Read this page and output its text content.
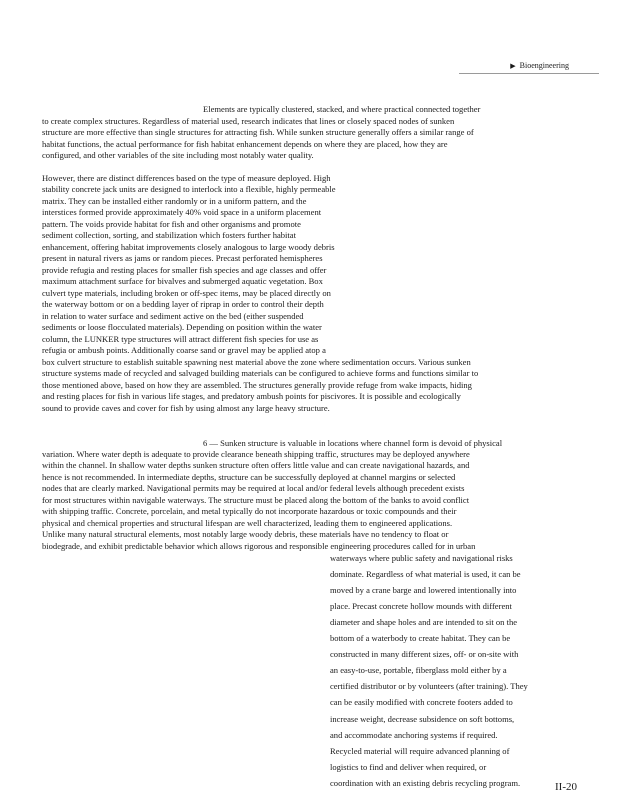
▶ Bioengineering
Elements are typically clustered, stacked, and where practical connected together
to create complex structures. Regardless of material used, research indicates that lines or closely spaced nodes of sunken
structure are more effective than single structures for attracting fish. While sunken structure generally offers a similar range of
habitat functions, the actual performance for fish habitat enhancement depends on where they are placed, how they are
configured, and other variables of the site including most notably water quality.
However, there are distinct differences based on the type of measure deployed. High
stability concrete jack units are designed to interlock into a flexible, highly permeable
matrix. They can be installed either randomly or in a uniform pattern, and the
interstices formed provide approximately 40% void space in a uniform placement
pattern. The voids provide habitat for fish and other organisms and promote
sediment collection, sorting, and stabilization which fosters further habitat
enhancement, offering habitat improvements closely analogous to large woody debris
present in natural rivers as jams or random pieces. Precast perforated hemispheres
provide refugia and resting places for smaller fish species and age classes and offer
maximum attachment surface for bivalves and submerged aquatic vegetation. Box
culvert type materials, including broken or off-spec items, may be placed directly on
the waterway bottom or on a bedding layer of riprap in order to control their depth
in relation to water surface and sediment active on the bed (either suspended
sediments or loose flocculated materials). Depending on position within the water
column, the LUNKER type structures will attract different fish species for use as
refugia or ambush points. Additionally coarse sand or gravel may be applied atop a
box culvert structure to establish suitable spawning nest material above the zone where sedimentation occurs. Various sunken
structure systems made of recycled and salvaged building materials can be configured to achieve forms and functions similar to
those mentioned above, based on how they are assembled. The structures generally provide refuge from wake impacts, hiding
and resting places for fish in various life stages, and predatory ambush points for piscivores. It is possible and ecologically
sound to provide caves and cover for fish by using almost any large heavy structure.
6 — Sunken structure is valuable in locations where channel form is devoid of physical
variation. Where water depth is adequate to provide clearance beneath shipping traffic, structures may be deployed anywhere
within the channel. In shallow water depths sunken structure often offers little value and can create navigational hazards, and
hence is not recommended. In intermediate depths, structure can be successfully deployed at channel margins or selected
nodes that are clearly marked. Navigational permits may be required at local and/or federal levels although precedent exists
for most structures within navigable waterways. The structure must be placed along the bottom of the banks to avoid conflict
with shipping traffic. Concrete, porcelain, and metal typically do not incorporate hazardous or toxic compounds and their
physical and chemical properties and structural lifespan are well characterized, leading them to engineered applications.
Unlike many natural structural elements, most notably large woody debris, these materials have no tendency to float or
biodegrade, and exhibit predictable behavior which allows rigorous and responsible engineering procedures called for in urban
waterways where public safety and navigational risks
dominate. Regardless of what material is used, it can be
moved by a crane barge and lowered intentionally into
place. Precast concrete hollow mounds with different
diameter and shape holes and are intended to sit on the
bottom of a waterbody to create habitat. They can be
constructed in many different sizes, off- or on-site with
an easy-to-use, portable, fiberglass mold either by a
certified distributor or by volunteers (after training). They
can be easily modified with concrete footers added to
increase weight, decrease subsidence on soft bottoms,
and accommodate anchoring systems if required.
Recycled material will require advanced planning of
logistics to find and deliver when required, or
coordination with an existing debris recycling program.	II-20
